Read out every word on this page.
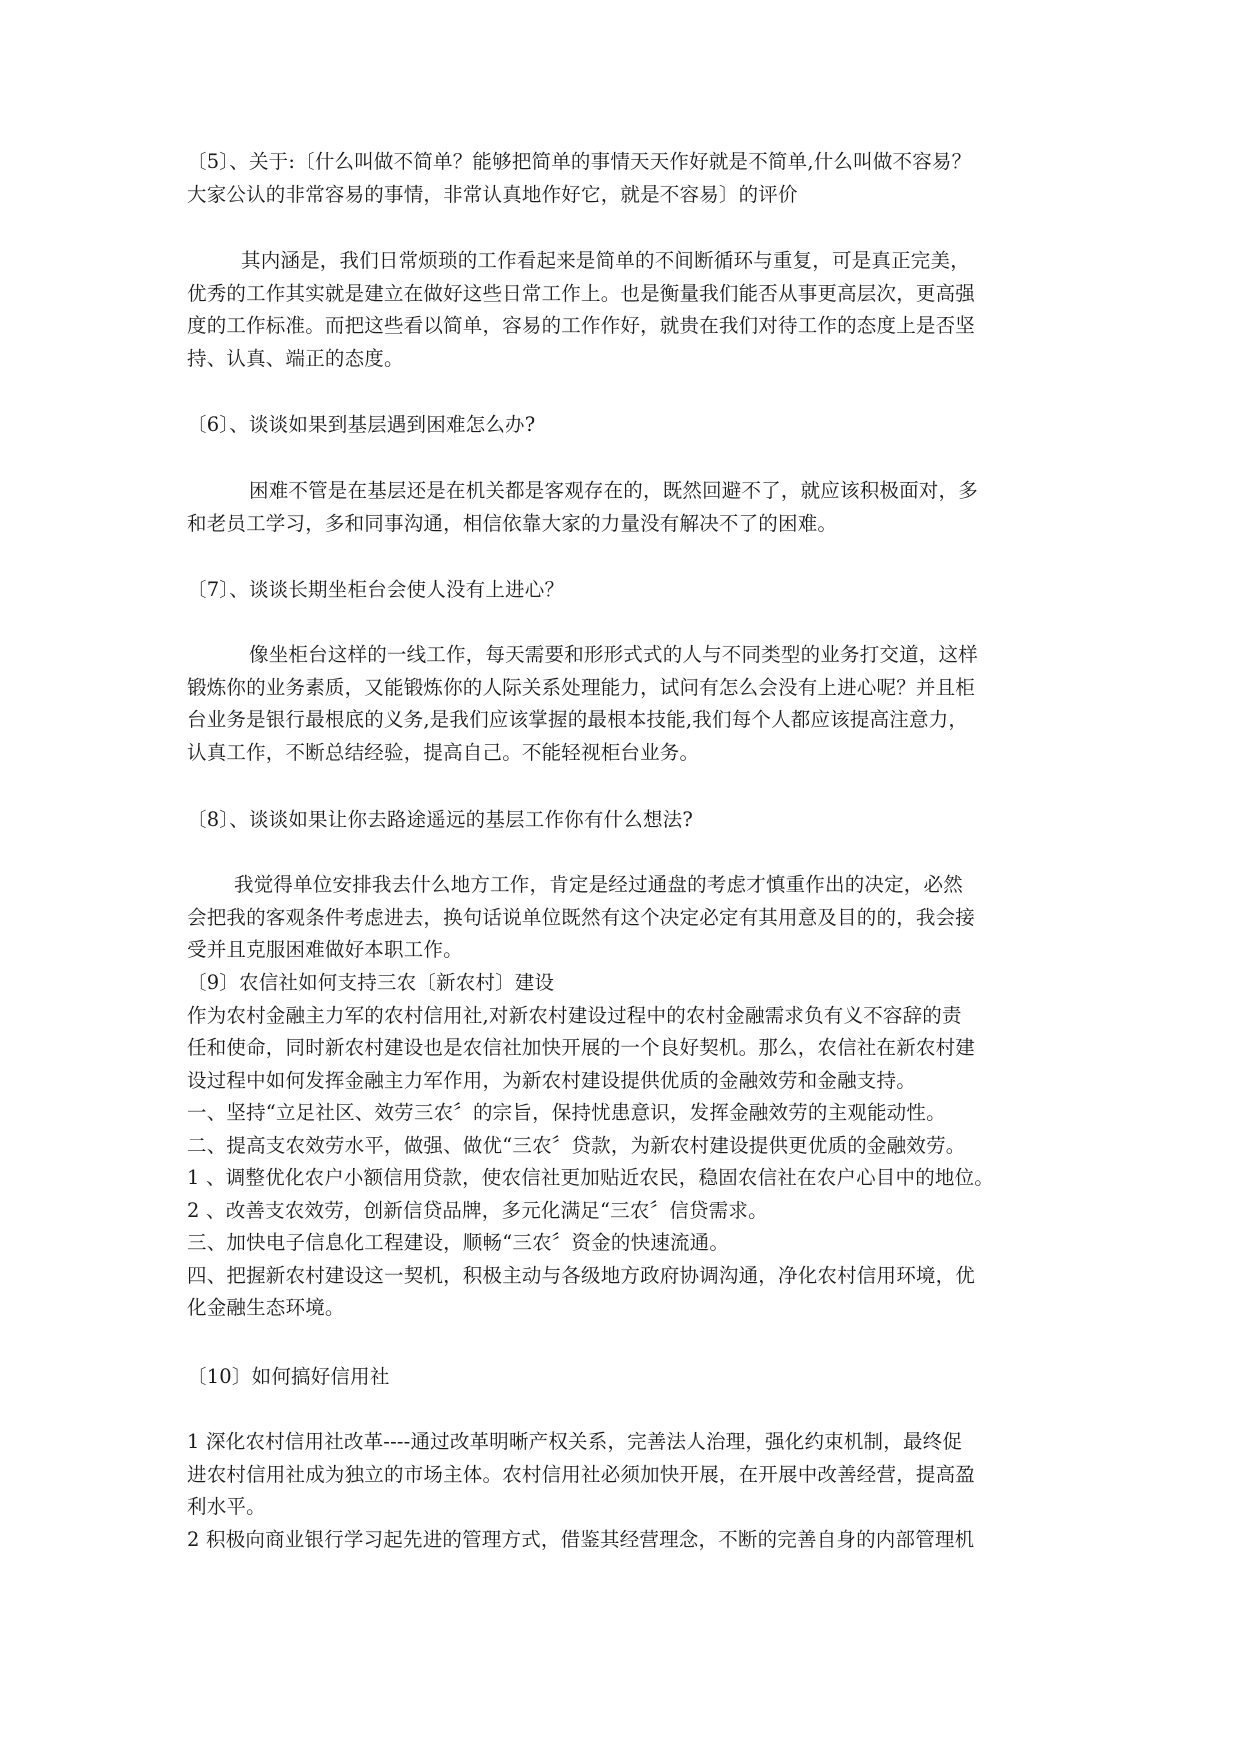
〔5〕、关于:〔什么叫做不简单？能够把简单的事情天天作好就是不简单,什么叫做不容易？
大家公认的非常容易的事情，非常认真地作好它，就是不容易〕的评价
其内涵是，我们日常烦琐的工作看起来是简单的不间断循环与重复，可是真正完美，
优秀的工作其实就是建立在做好这些日常工作上。也是衡量我们能否从事更高层次，更高强
度的工作标准。而把这些看以简单，容易的工作作好，就贵在我们对待工作的态度上是否坚
持、认真、端正的态度。
〔6〕、谈谈如果到基层遇到困难怎么办?
困难不管是在基层还是在机关都是客观存在的，既然回避不了，就应该积极面对，多
和老员工学习，多和同事沟通，相信依靠大家的力量没有解决不了的困难。
〔7〕、谈谈长期坐柜台会使人没有上进心？
像坐柜台这样的一线工作，每天需要和形形式式的人与不同类型的业务打交道，这样
锻炼你的业务素质，又能锻炼你的人际关系处理能力，试问有怎么会没有上进心呢？并且柜
台业务是银行最根底的义务,是我们应该掌握的最根本技能,我们每个人都应该提高注意力，
认真工作，不断总结经验，提高自己。不能轻视柜台业务。
〔8〕、谈谈如果让你去路途遥远的基层工作你有什么想法?
我觉得单位安排我去什么地方工作，肯定是经过通盘的考虑才慎重作出的决定，必然
会把我的客观条件考虑进去，换句话说单位既然有这个决定必定有其用意及目的的，我会接
受并且克服困难做好本职工作。
〔9〕农信社如何支持三农〔新农村〕建设
作为农村金融主力军的农村信用社,对新农村建设过程中的农村金融需求负有义不容辞的责
任和使命，同时新农村建设也是农信社加快开展的一个良好契机。那么，农信社在新农村建
设过程中如何发挥金融主力军作用，为新农村建设提供优质的金融效劳和金融支持。
一、坚持“立足社区、效劳三农〞的宗旨，保持忧患意识，发挥金融效劳的主观能动性。
二、提高支农效劳水平，做强、做优“三农〞贷款，为新农村建设提供更优质的金融效劳。
1 、调整优化农户小额信用贷款，使农信社更加贴近农民，稳固农信社在农户心目中的地位。
2 、改善支农效劳，创新信贷品牌，多元化满足“三农〞信贷需求。
三、加快电子信息化工程建设，顺畅“三农〞资金的快速流通。
四、把握新农村建设这一契机，积极主动与各级地方政府协调沟通，净化农村信用环境，优
化金融生态环境。
〔10〕如何搞好信用社
1 深化农村信用社改革----通过改革明晰产权关系，完善法人治理，强化约束机制，最终促
进农村信用社成为独立的市场主体。农村信用社必须加快开展，在开展中改善经营，提高盈
利水平。
2 积极向商业银行学习起先进的管理方式，借鉴其经营理念，不断的完善自身的内部管理机
